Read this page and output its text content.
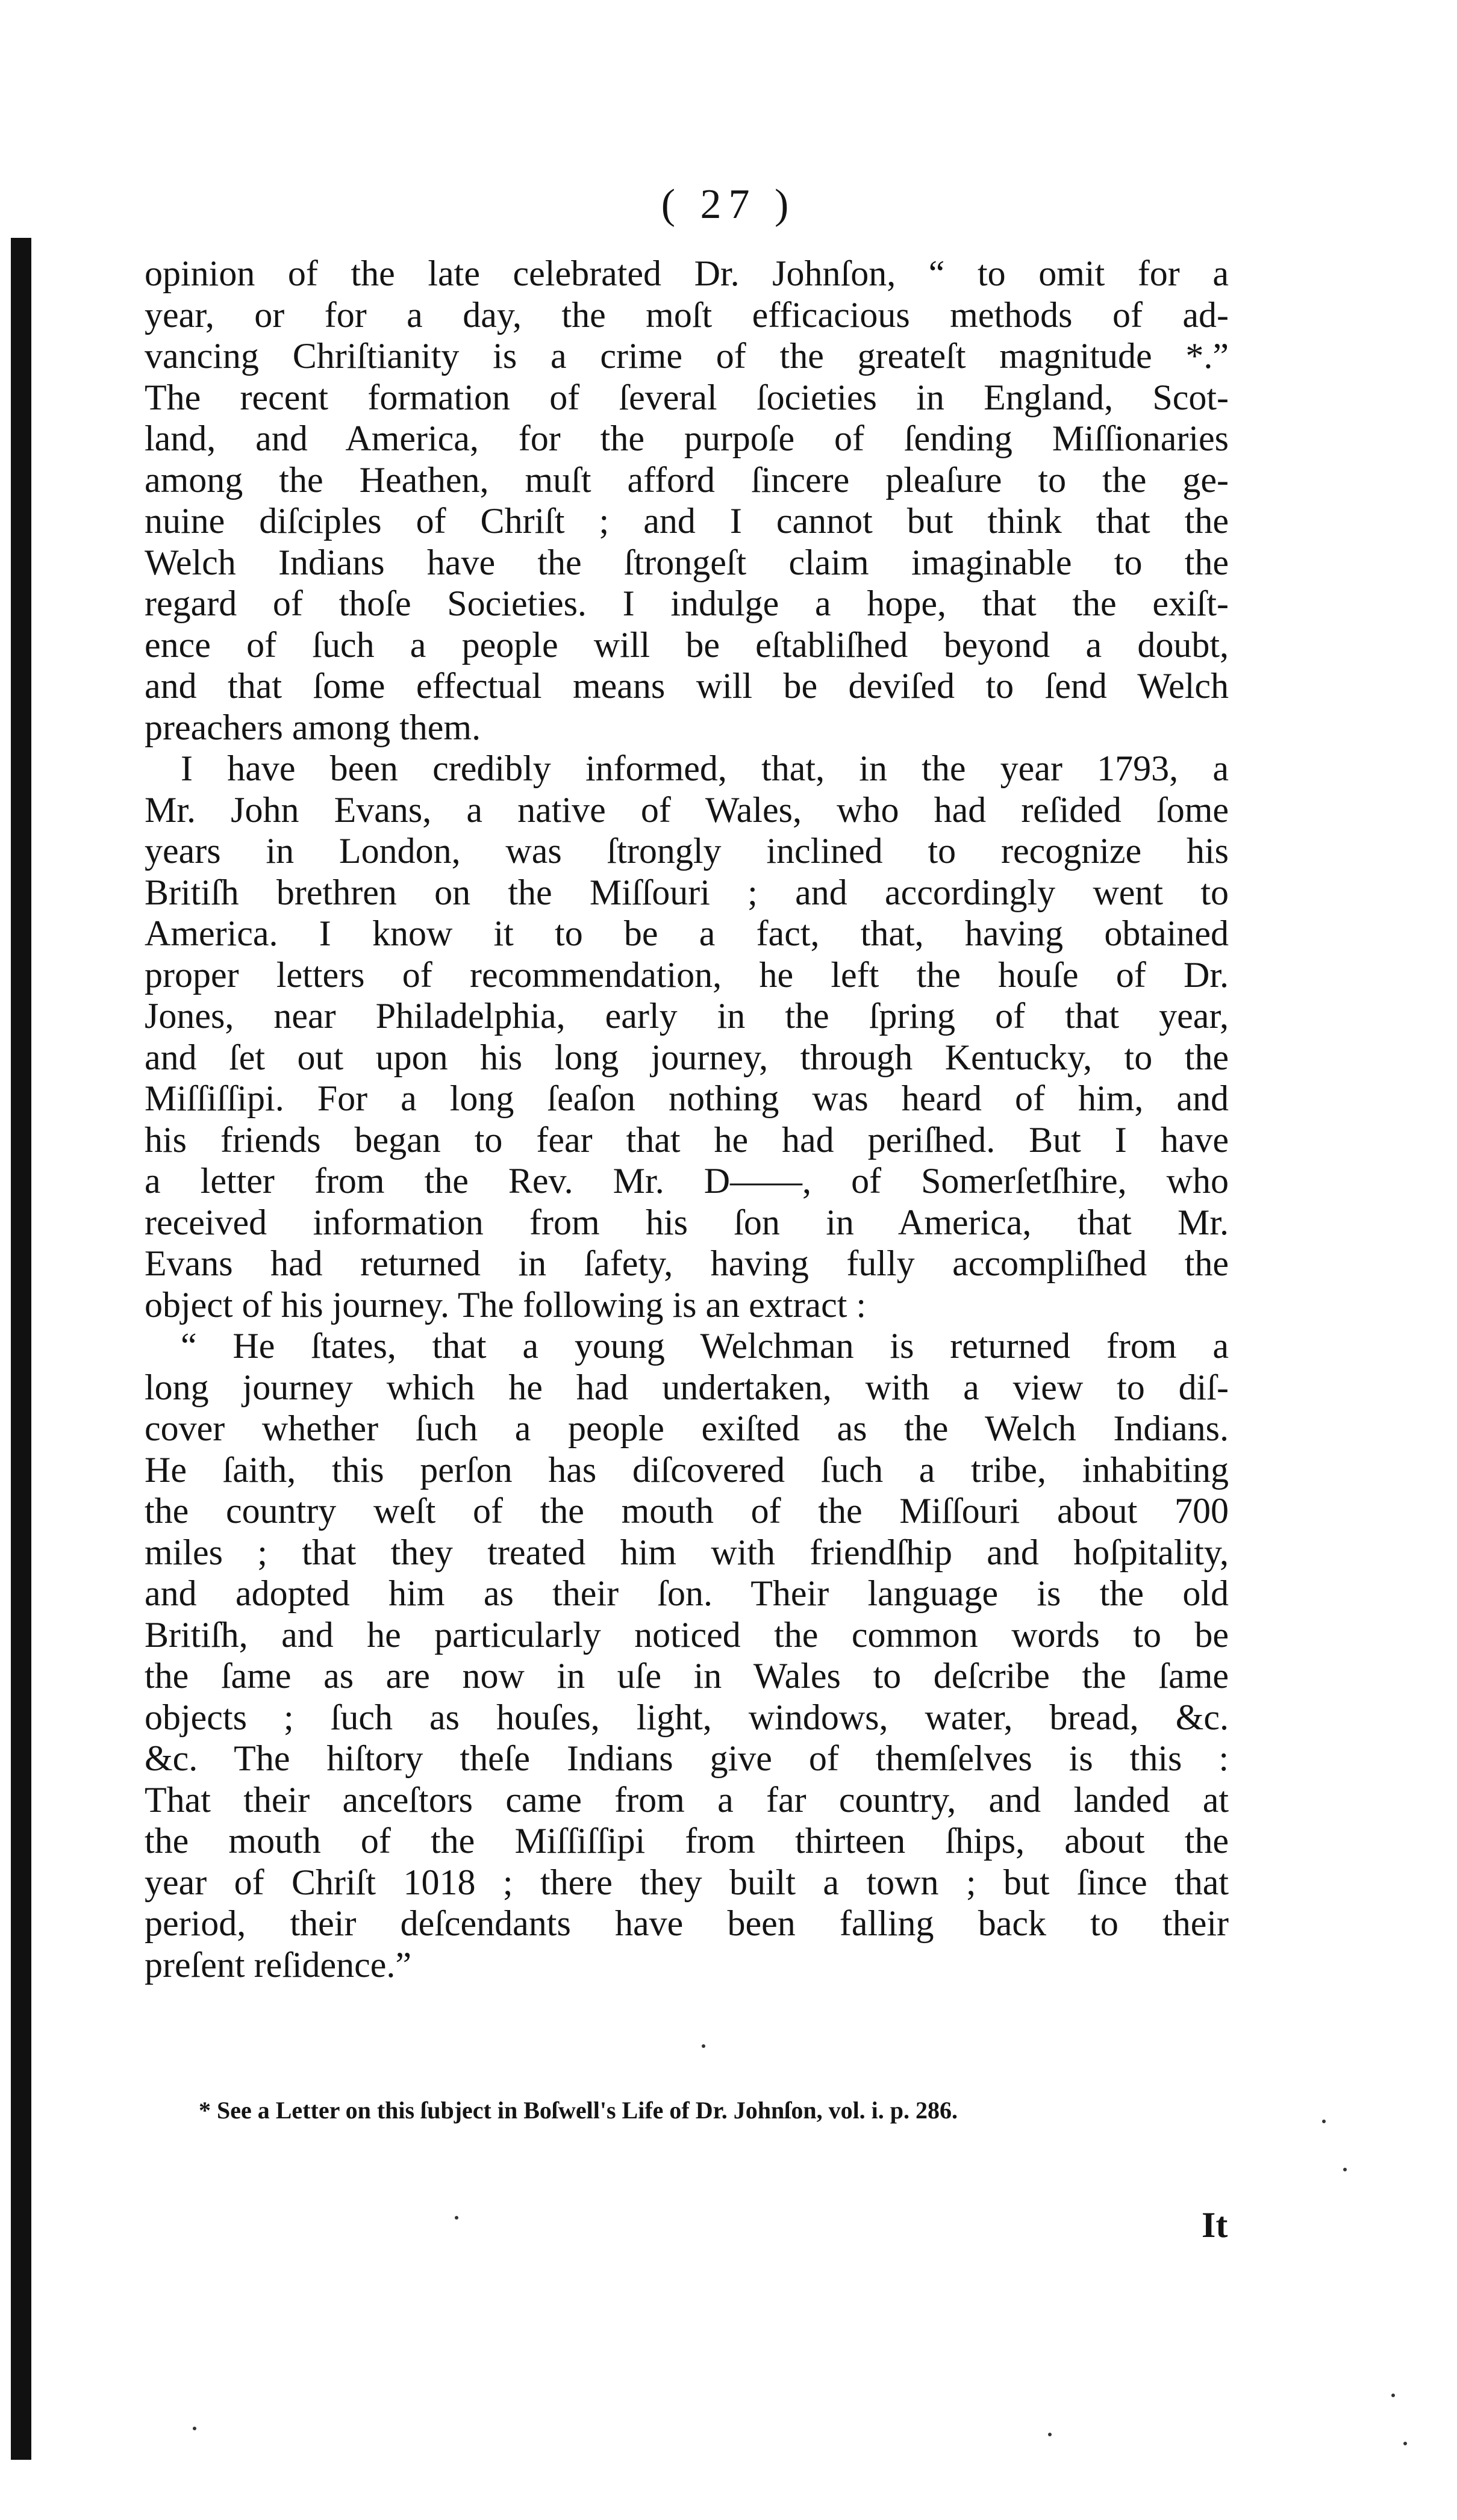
( 27 )
opinion of the late celebrated Dr. Johnſon, “ to omit for a
year, or for a day, the moſt efficacious methods of ad-
vancing Chriſtianity is a crime of the greateſt magnitude *.”
The recent formation of ſeveral ſocieties in England, Scot-
land, and America, for the purpoſe of ſending Miſſionaries
among the Heathen, muſt afford ſincere pleaſure to the ge-
nuine diſciples of Chriſt ; and I cannot but think that the
Welch Indians have the ſtrongeſt claim imaginable to the
regard of thoſe Societies. I indulge a hope, that the exiſt-
ence of ſuch a people will be eſtabliſhed beyond a doubt,
and that ſome effectual means will be deviſed to ſend Welch
preachers among them.
I have been credibly informed, that, in the year 1793, a
Mr. John Evans, a native of Wales, who had reſided ſome
years in London, was ſtrongly inclined to recognize his
Britiſh brethren on the Miſſouri ; and accordingly went to
America. I know it to be a fact, that, having obtained
proper letters of recommendation, he left the houſe of Dr.
Jones, near Philadelphia, early in the ſpring of that year,
and ſet out upon his long journey, through Kentucky, to the
Miſſiſſipi. For a long ſeaſon nothing was heard of him, and
his friends began to fear that he had periſhed. But I have
a letter from the Rev. Mr. D——, of Somerſetſhire, who
received information from his ſon in America, that Mr.
Evans had returned in ſafety, having fully accompliſhed the
object of his journey. The following is an extract :
“ He ſtates, that a young Welchman is returned from a
long journey which he had undertaken, with a view to diſ-
cover whether ſuch a people exiſted as the Welch Indians.
He ſaith, this perſon has diſcovered ſuch a tribe, inhabiting
the country weſt of the mouth of the Miſſouri about 700
miles ; that they treated him with friendſhip and hoſpitality,
and adopted him as their ſon. Their language is the old
Britiſh, and he particularly noticed the common words to be
the ſame as are now in uſe in Wales to deſcribe the ſame
objects ; ſuch as houſes, light, windows, water, bread, &c.
&c. The hiſtory theſe Indians give of themſelves is this :
That their anceſtors came from a far country, and landed at
the mouth of the Miſſiſſipi from thirteen ſhips, about the
year of Chriſt 1018 ; there they built a town ; but ſince that
period, their deſcendants have been falling back to their
preſent reſidence.”
* See a Letter on this ſubject in Boſwell's Life of Dr. Johnſon, vol. i. p. 286.
It
